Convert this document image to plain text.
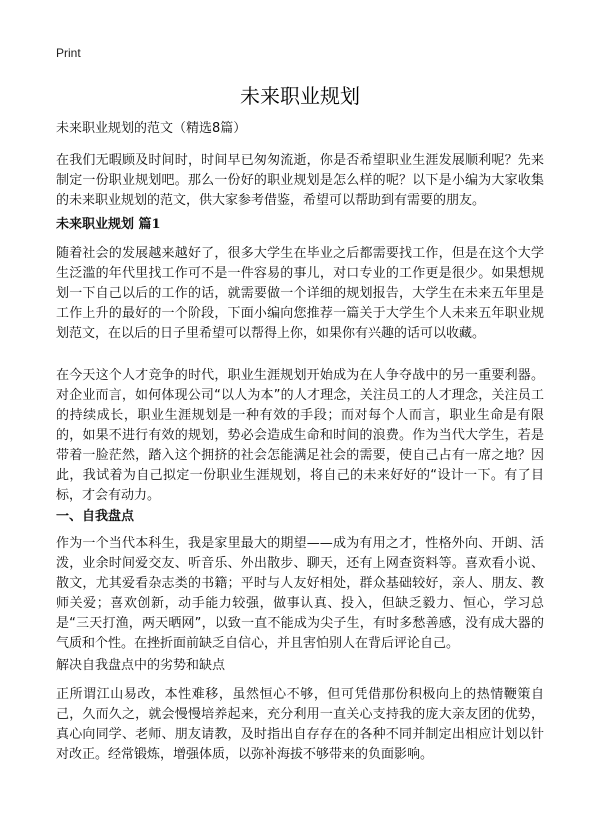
Print
未来职业规划
未来职业规划的范文（精选8篇）
在我们无暇顾及时间时，时间早已匆匆流逝，你是否希望职业生涯发展顺利呢？先来制定一份职业规划吧。那么一份好的职业规划是怎么样的呢？以下是小编为大家收集的未来职业规划的范文，供大家参考借鉴，希望可以帮助到有需要的朋友。
未来职业规划 篇1
随着社会的发展越来越好了，很多大学生在毕业之后都需要找工作，但是在这个大学生泛滥的年代里找工作可不是一件容易的事儿，对口专业的工作更是很少。如果想规划一下自己以后的工作的话，就需要做一个详细的规划报告，大学生在未来五年里是工作上升的最好的一个阶段，下面小编向您推荐一篇关于大学生个人未来五年职业规划范文，在以后的日子里希望可以帮得上你，如果你有兴趣的话可以收藏。
在今天这个人才竞争的时代，职业生涯规划开始成为在人争夺战中的另一重要利器。对企业而言，如何体现公司“以人为本”的人才理念，关注员工的人才理念，关注员工的持续成长，职业生涯规划是一种有效的手段；而对每个人而言，职业生命是有限的，如果不进行有效的规划，势必会造成生命和时间的浪费。作为当代大学生，若是带着一脸茫然，踏入这个拥挤的社会怎能满足社会的需要，使自己占有一席之地？因此，我试着为自己拟定一份职业生涯规划，将自己的未来好好的“设计一下。有了目标，才会有动力。
一、自我盘点
作为一个当代本科生，我是家里最大的期望——成为有用之才，性格外向、开朗、活泼，业余时间爱交友、听音乐、外出散步、聊天，还有上网查资料等。喜欢看小说、散文，尤其爱看杂志类的书籍；平时与人友好相处，群众基础较好，亲人、朋友、教师关爱；喜欢创新，动手能力较强，做事认真、投入，但缺乏毅力、恒心，学习总是“三天打渔，两天晒网”，以致一直不能成为尖子生，有时多愁善感，没有成大器的气质和个性。在挫折面前缺乏自信心，并且害怕别人在背后评论自己。
解决自我盘点中的劣势和缺点
正所谓江山易改，本性难移，虽然恒心不够，但可凭借那份积极向上的热情鞭策自己，久而久之，就会慢慢培养起来，充分利用一直关心支持我的庞大亲友团的优势，真心向同学、老师、朋友请教，及时指出自存存在的各种不同并制定出相应计划以针对改正。经常锻炼，增强体质，以弥补海拔不够带来的负面影响。
